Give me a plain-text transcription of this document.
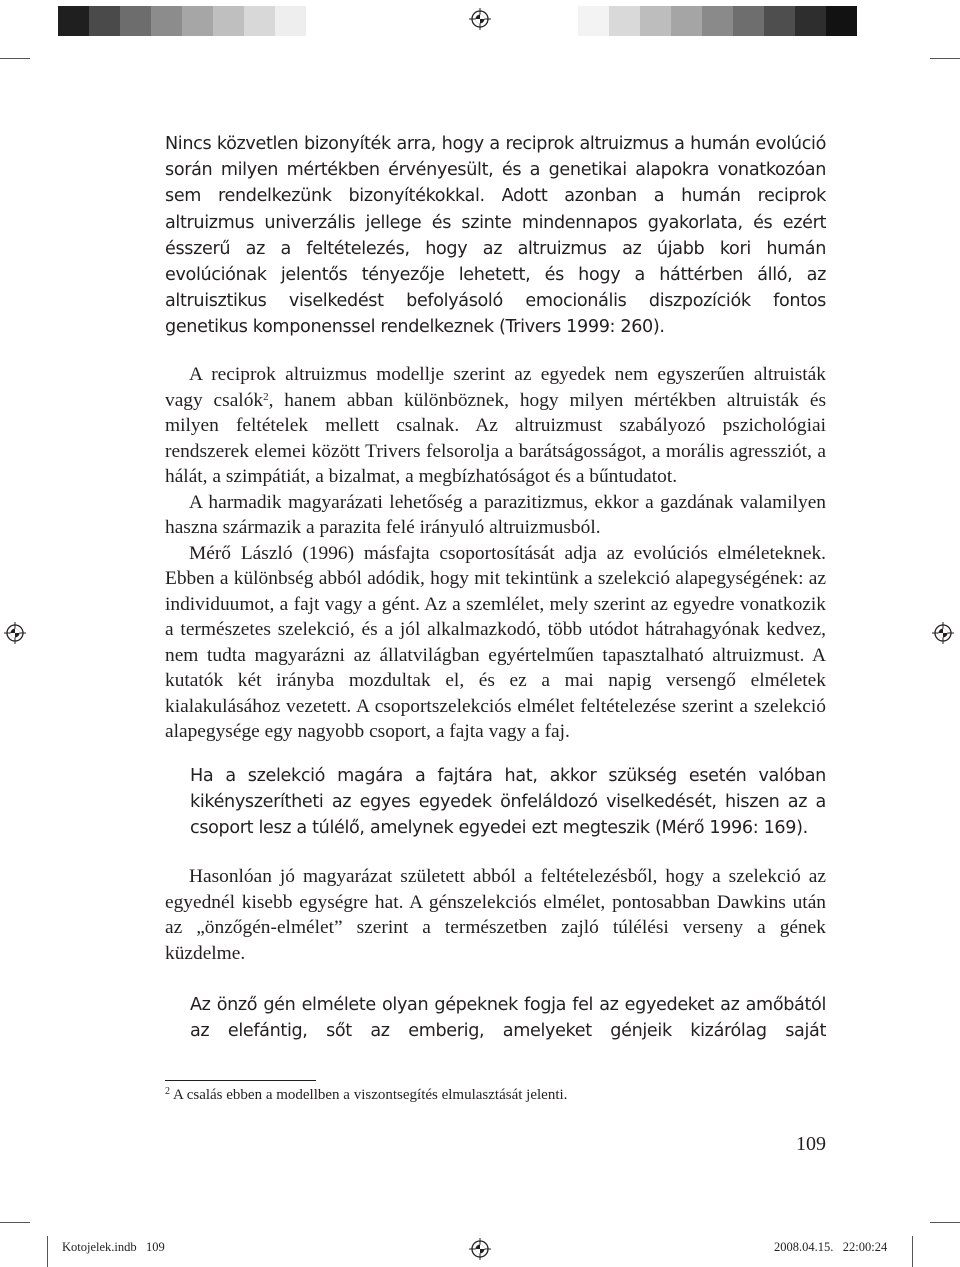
Nincs közvetlen bizonyíték arra, hogy a reciprok altruizmus a humán evolúció során milyen mértékben érvényesült, és a genetikai alapokra vonatkozóan sem rendelkezünk bizonyítékokkal. Adott azonban a humán reciprok altruizmus univerzális jellege és szinte mindennapos gyakorlata, és ezért ésszerű az a feltételezés, hogy az altruizmus az újabb kori humán evolúciónak jelentős tényezője lehetett, és hogy a háttérben álló, az altruisztikus viselkedést befolyásoló emocionális diszpozíciók fontos genetikus komponenssel rendelkeznek (Trivers 1999: 260).

A reciprok altruizmus modellje szerint az egyedek nem egyszerűen altruisták vagy csalók$^2$, hanem abban különböznek, hogy milyen mértékben altruisták és milyen feltételek mellett csalnak. Az altruizmust szabályozó pszichológiai rendszerek elemei között Trivers felsorolja a barátságosságot, a morális agressziót, a hálát, a szimpátiát, a bizalmat, a megbízhatóságot és a bűntudatot.

A harmadik magyarázati lehetőség a parazitizmus, ekkor a gazdának valamilyen haszna származik a parazita felé irányuló altruizmusból.

Mérő László (1996) másfajta csoportosítását adja az evolúciós elméleteknek. Ebben a különbség abból adódik, hogy mit tekintünk a szelekció alapegységének: az individuumot, a fajt vagy a gént. Az a szemlélet, mely szerint az egyedre vonatkozik a természetes szelekció, és a jól alkalmazkodó, több utódot hátrahagyónak kedvez, nem tudta magyarázni az állatvilágban egyértelműen tapasztalható altruizmust. A kutatók két irányba mozdultak el, és ez a mai napig versengő elméletek kialakulásához vezetett. A csoportszelekciós elmélet feltételezése szerint a szelekció alapegysége egy nagyobb csoport, a fajta vagy a faj.

Ha a szelekció magára a fajtára hat, akkor szükség esetén valóban kikényszerítheti az egyes egyedek önfeláldozó viselkedését, hiszen az a csoport lesz a túlélő, amelynek egyedei ezt megteszik (Mérő 1996: 169).

Hasonlóan jó magyarázat született abból a feltételezésből, hogy a szelekció az egyednél kisebb egységre hat. A génszelekciós elmélet, pontosabban Dawkins után az „önzőgén-elmélet” szerint a természetben zajló túlélési verseny a gének küzdelme.

Az önző gén elmélete olyan gépeknek fogja fel az egyedeket az amőbától az elefántig, sőt az emberig, amelyeket génjeik kizárólag saját

$^2$ A csalás ebben a modellben a viszontsegítés elmulasztását jelenti.
109
Kotojelek.indb   109	2008.04.15.   22:00:24
